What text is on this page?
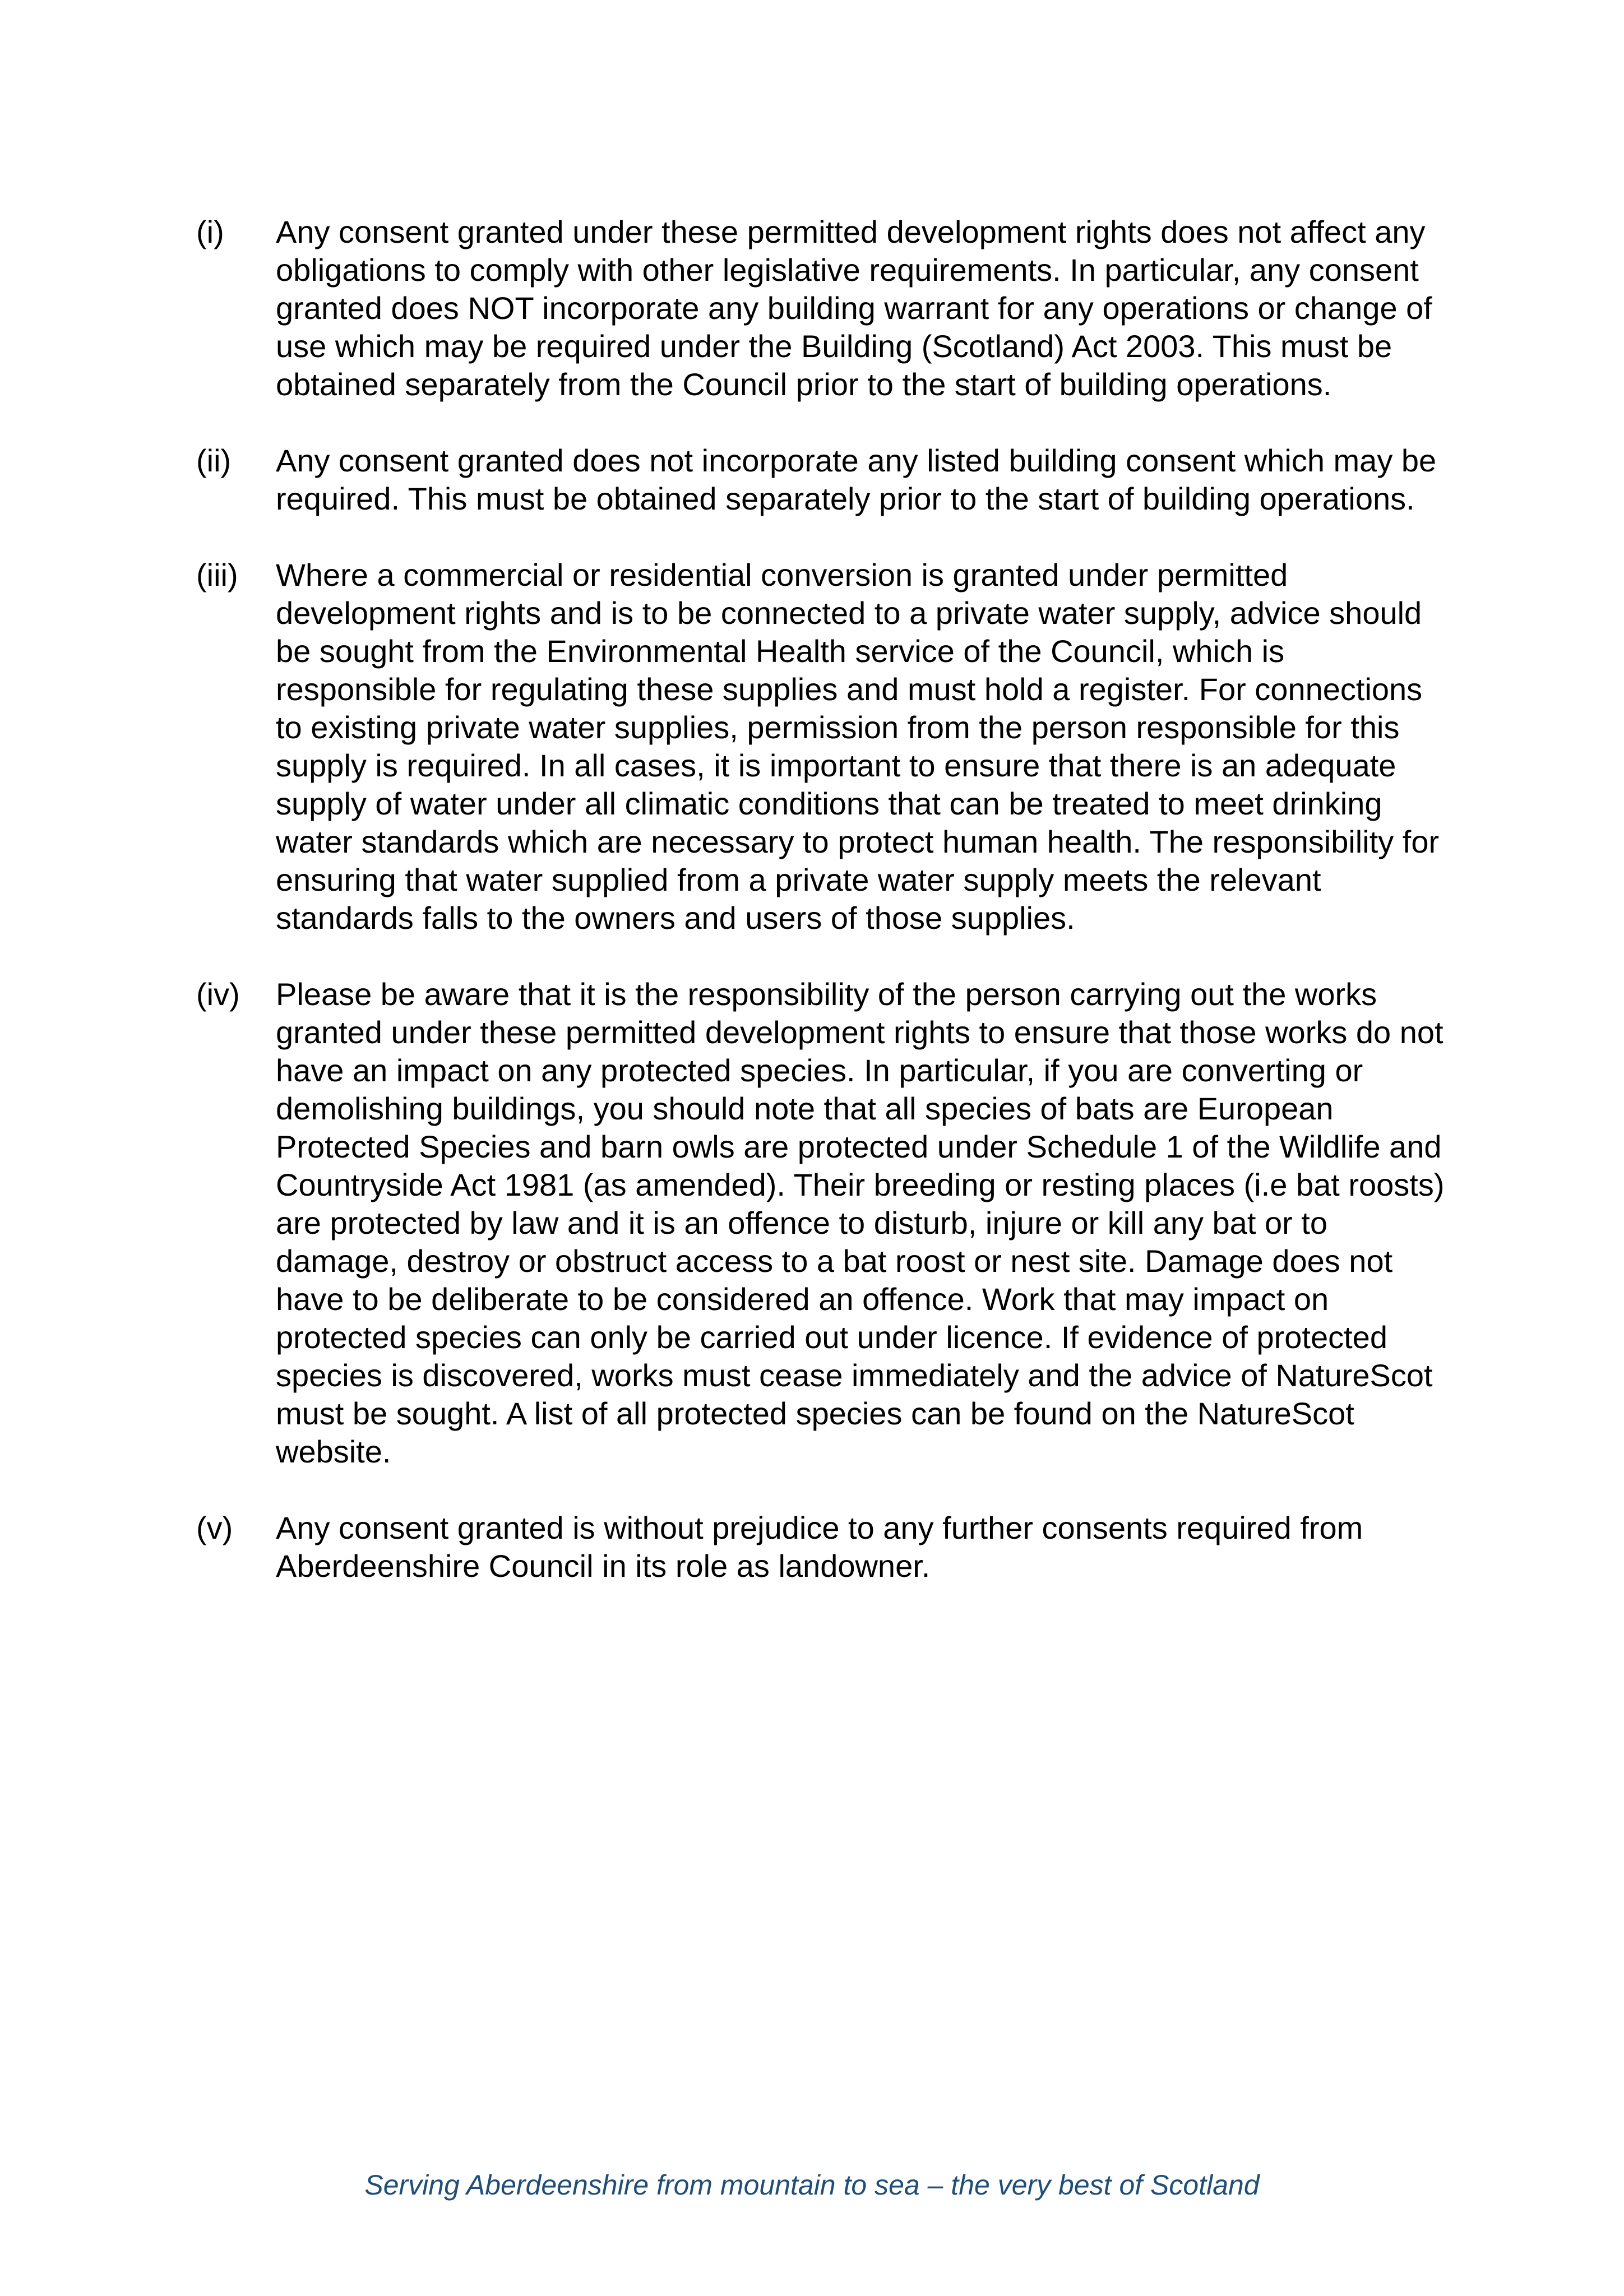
(i)	Any consent granted under these permitted development rights does not affect any obligations to comply with other legislative requirements. In particular, any consent granted does NOT incorporate any building warrant for any operations or change of use which may be required under the Building (Scotland) Act 2003. This must be obtained separately from the Council prior to the start of building operations.
(ii)	Any consent granted does not incorporate any listed building consent which may be required. This must be obtained separately prior to the start of building operations.
(iii)	Where a commercial or residential conversion is granted under permitted development rights and is to be connected to a private water supply, advice should be sought from the Environmental Health service of the Council, which is responsible for regulating these supplies and must hold a register. For connections to existing private water supplies, permission from the person responsible for this supply is required. In all cases, it is important to ensure that there is an adequate supply of water under all climatic conditions that can be treated to meet drinking water standards which are necessary to protect human health. The responsibility for ensuring that water supplied from a private water supply meets the relevant standards falls to the owners and users of those supplies.
(iv)	Please be aware that it is the responsibility of the person carrying out the works granted under these permitted development rights to ensure that those works do not have an impact on any protected species. In particular, if you are converting or demolishing buildings, you should note that all species of bats are European Protected Species and barn owls are protected under Schedule 1 of the Wildlife and Countryside Act 1981 (as amended). Their breeding or resting places (i.e bat roosts) are protected by law and it is an offence to disturb, injure or kill any bat or to damage, destroy or obstruct access to a bat roost or nest site. Damage does not have to be deliberate to be considered an offence. Work that may impact on protected species can only be carried out under licence. If evidence of protected species is discovered, works must cease immediately and the advice of NatureScot must be sought. A list of all protected species can be found on the NatureScot website.
(v)	Any consent granted is without prejudice to any further consents required from Aberdeenshire Council in its role as landowner.
Serving Aberdeenshire from mountain to sea – the very best of Scotland
